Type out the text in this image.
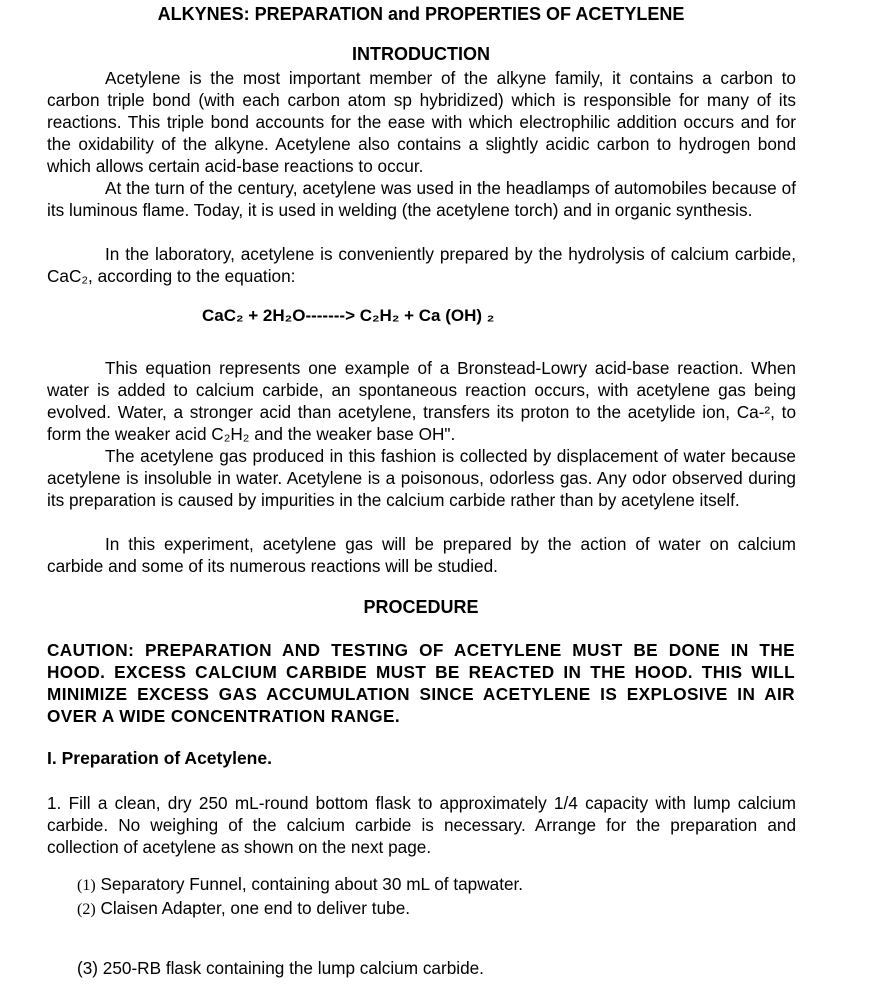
ALKYNES: PREPARATION and PROPERTIES OF ACETYLENE
INTRODUCTION

Acetylene is the most important member of the alkyne family, it contains a carbon to carbon triple bond (with each carbon atom sp hybridized) which is responsible for many of its reactions. This triple bond accounts for the ease with which electrophilic addition occurs and for the oxidability of the alkyne. Acetylene also contains a slightly acidic carbon to hydrogen bond which allows certain acid-base reactions to occur.

At the turn of the century, acetylene was used in the headlamps of automobiles because of its luminous flame. Today, it is used in welding (the acetylene torch) and in organic synthesis.

In the laboratory, acetylene is conveniently prepared by the hydrolysis of calcium carbide, CaC₂, according to the equation:

CaC₂ + 2H₂O-------> C₂H₂ + Ca (OH) ₂

This equation represents one example of a Bronstead-Lowry acid-base reaction. When water is added to calcium carbide, an spontaneous reaction occurs, with acetylene gas being evolved. Water, a stronger acid than acetylene, transfers its proton to the acetylide ion, Ca-², to form the weaker acid C₂H₂ and the weaker base OH".

The acetylene gas produced in this fashion is collected by displacement of water because acetylene is insoluble in water. Acetylene is a poisonous, odorless gas. Any odor observed during its preparation is caused by impurities in the calcium carbide rather than by acetylene itself.

In this experiment, acetylene gas will be prepared by the action of water on calcium carbide and some of its numerous reactions will be studied.

PROCEDURE

CAUTION: PREPARATION AND TESTING OF ACETYLENE MUST BE DONE IN THE HOOD. EXCESS CALCIUM CARBIDE MUST BE REACTED IN THE HOOD. THIS WILL MINIMIZE EXCESS GAS ACCUMULATION SINCE ACETYLENE IS EXPLOSIVE IN AIR OVER A WIDE CONCENTRATION RANGE.

I. Preparation of Acetylene.

1. Fill a clean, dry 250 mL-round bottom flask to approximately 1/4 capacity with lump calcium carbide. No weighing of the calcium carbide is necessary. Arrange for the preparation and collection of acetylene as shown on the next page.

(1) Separatory Funnel, containing about 30 mL of tapwater.
(2) Claisen Adapter, one end to deliver tube.
(3) 250-RB flask containing the lump calcium carbide.
